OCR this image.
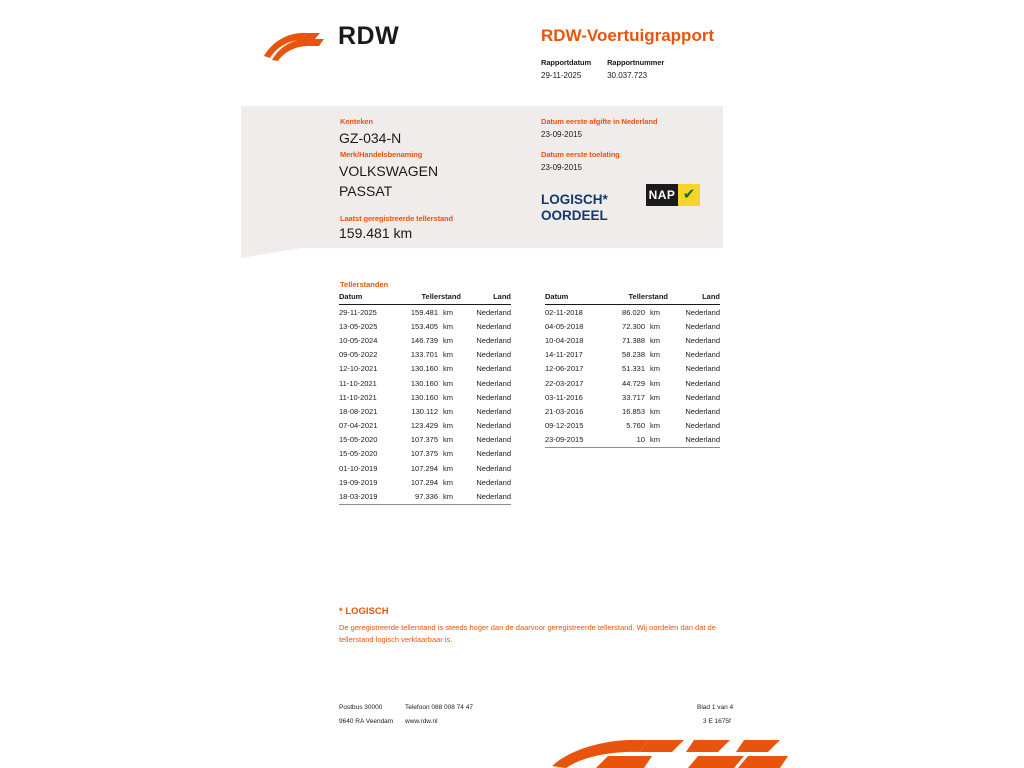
RDW	RDW-Voertuigrapport
Rapportdatum
29-11-2025

Rapportnummer
30.037.723
Kenteken
GZ-034-N
Merk/Handelsbenaming
VOLKSWAGEN
PASSAT
Laatst geregistreerde tellerstand
159.481 km
Datum eerste afgifte in Nederland
23-09-2015
Datum eerste toelating
23-09-2015
LOGISCH*
OORDEEL
NAP ✔
Tellerstanden
Datum	Tellerstand		Land
29-11-2025	159.481	km	Nederland
13-05-2025	153.405	km	Nederland
10-05-2024	146.739	km	Nederland
09-05-2022	133.701	km	Nederland
12-10-2021	130.160	km	Nederland
11-10-2021	130.160	km	Nederland
11-10-2021	130.160	km	Nederland
18-08-2021	130.112	km	Nederland
07-04-2021	123.429	km	Nederland
15-05-2020	107.375	km	Nederland
15-05-2020	107.375	km	Nederland
01-10-2019	107.294	km	Nederland
19-09-2019	107.294	km	Nederland
18-03-2019	97.336	km	Nederland
Datum	Tellerstand		Land
02-11-2018	86.020	km	Nederland
04-05-2018	72.300	km	Nederland
10-04-2018	71.388	km	Nederland
14-11-2017	58.238	km	Nederland
12-06-2017	51.331	km	Nederland
22-03-2017	44.729	km	Nederland
03-11-2016	33.717	km	Nederland
21-03-2016	16.853	km	Nederland
09-12-2015	5.760	km	Nederland
23-09-2015	10	km	Nederland
* LOGISCH
De geregistreerde tellerstand is steeds hoger dan de daarvoor geregistreerde tellerstand. Wij oordelen dan dat de tellerstand logisch verklaarbaar is.
Postbus 30000
9640 RA Veendam
Telefoon 088 008 74 47
www.rdw.nl
Blad 1 van 4
3 E 1675f
